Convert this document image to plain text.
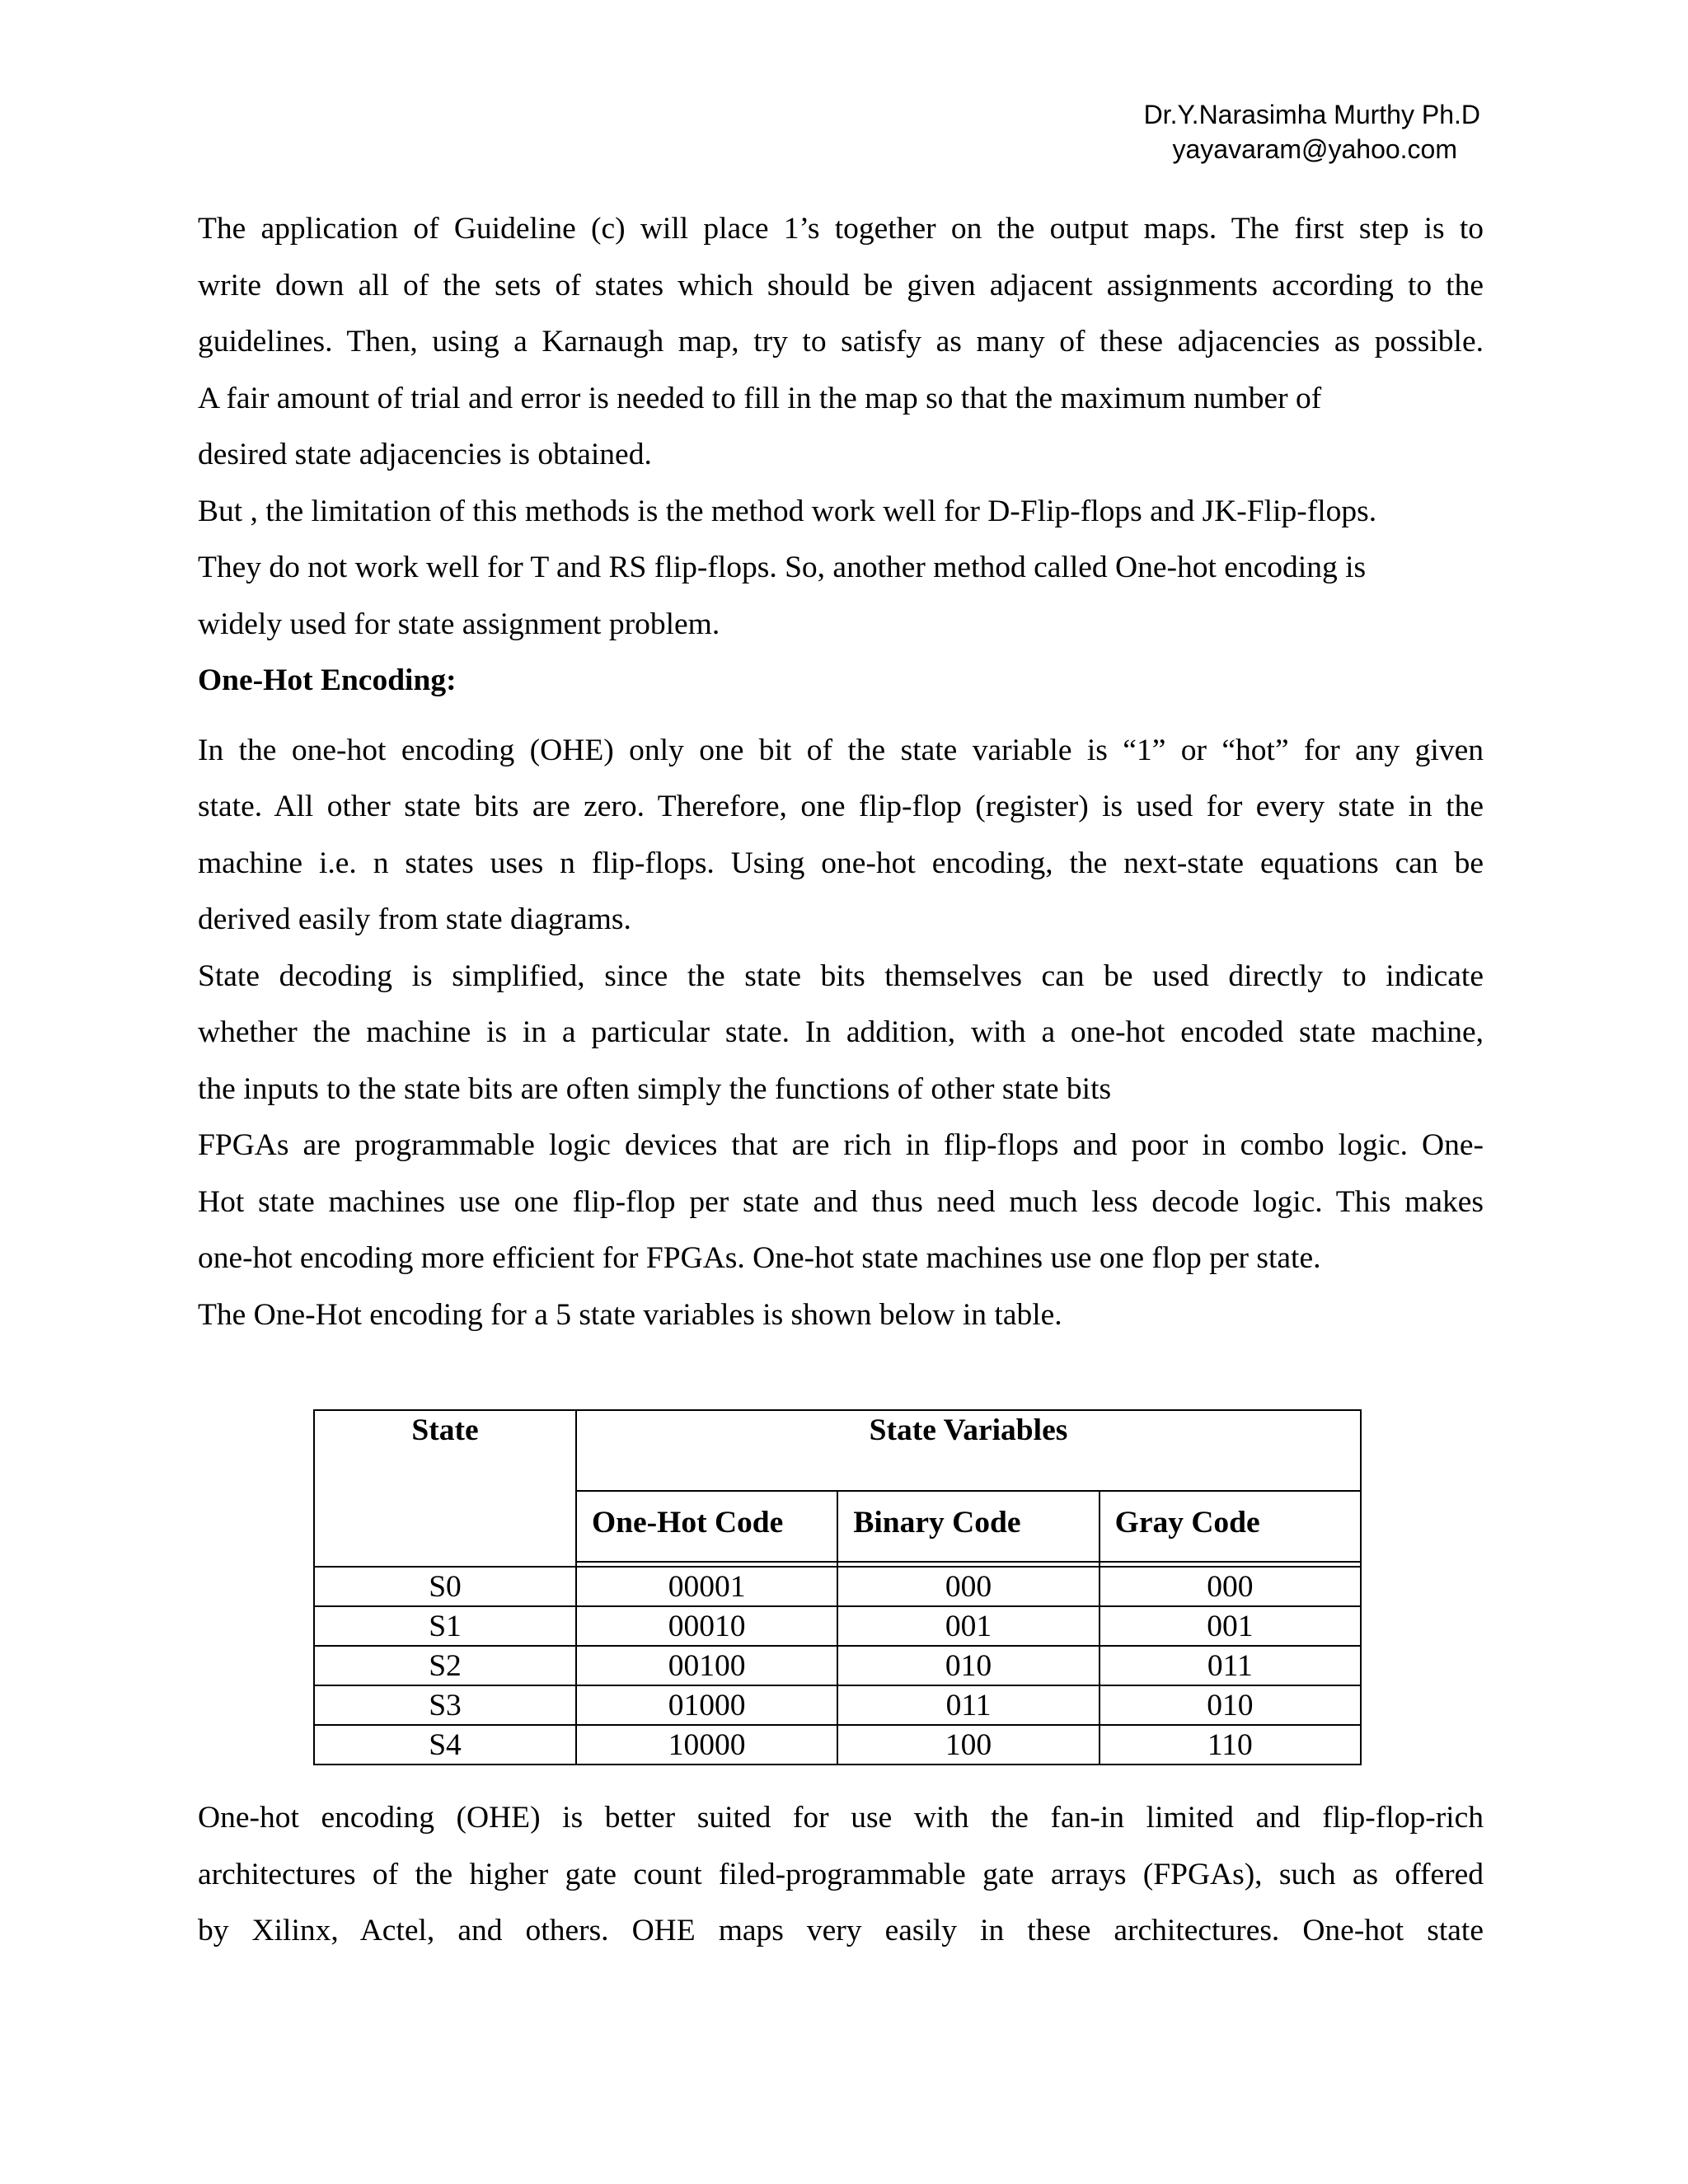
Dr.Y.Narasimha Murthy Ph.D
yayavaram@yahoo.com

The application of Guideline (c) will place 1’s together on the output maps. The first step is to
write down all of the sets of states which should be given adjacent assignments according to the
guidelines. Then, using a Karnaugh map, try to satisfy as many of these adjacencies as possible.
A fair amount of trial and error is needed to fill in the map so that the maximum number of
desired state adjacencies is obtained.

But , the limitation of this methods is the method work well for D-Flip-flops and JK-Flip-flops.
They do not work well for T and RS flip-flops. So, another method called One-hot encoding is
widely used for state assignment problem.

One-Hot Encoding:

In the one-hot encoding (OHE) only one bit of the state variable is “1” or “hot” for any given
state. All other state bits are zero. Therefore, one flip-flop (register) is used for every state in the
machine i.e. n states uses n flip-flops. Using one-hot encoding, the next-state equations can be
derived easily from state diagrams.

State decoding is simplified, since the state bits themselves can be used directly to indicate
whether the machine is in a particular state. In addition, with a one-hot encoded state machine,
the inputs to the state bits are often simply the functions of other state bits

FPGAs are programmable logic devices that are rich in flip-flops and poor in combo logic. One-
Hot state machines use one flip-flop per state and thus need much less decode logic. This makes
one-hot encoding more efficient for FPGAs. One-hot state machines use one flop per state.
The One-Hot encoding for a 5 state variables is shown below in table.

State	State Variables		
	One-Hot Code	Binary Code	Gray Code

S0	00001	000	000
S1	00010	001	001
S2	00100	010	011
S3	01000	011	010
S4	10000	100	110

One-hot encoding (OHE) is better suited for use with the fan-in limited and flip-flop-rich
architectures of the higher gate count filed-programmable gate arrays (FPGAs), such as offered
by Xilinx, Actel, and others. OHE maps very easily in these architectures. One-hot state
